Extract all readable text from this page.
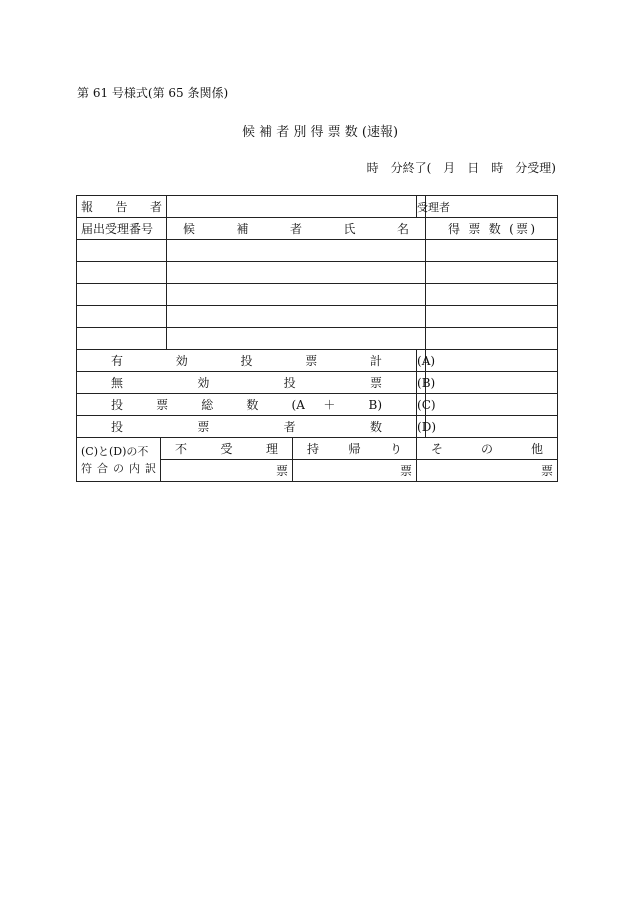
第 61 号様式(第 65 条関係)
候 補 者 別 得 票 数 (速報)
時　分終了(　月　日　時　分受理)
報 告 者				受理者	
届出受理番号		候 補 者 氏 名			得 票 数 (票)

有 効 投 票 計				(A)	
無 効 投 票				(B)	
投 票 総 数 (A ＋ B)				(C)	
投 票 者 数				(D)	

(C)と(D)の不
符 合 の 内 訳	不 受 理		持 帰 り	そ の 他	
	票		票	票	
